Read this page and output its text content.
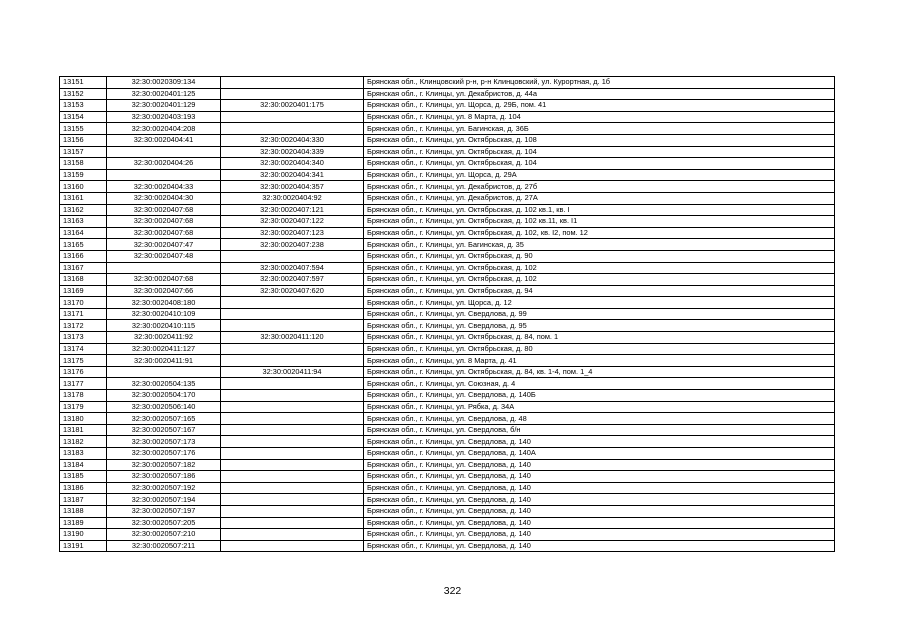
13151	32:30:0020309:134		Брянская обл., Клинцовский р-н, р-н Клинцовский, ул. Курортная, д. 1б
13152	32:30:0020401:125		Брянская обл., г. Клинцы, ул. Декабристов, д. 44а
13153	32:30:0020401:129	32:30:0020401:175	Брянская обл., г. Клинцы, ул. Щорса, д. 29Б, пом. 41
13154	32:30:0020403:193		Брянская обл., г. Клинцы, ул. 8 Марта, д. 104
13155	32:30:0020404:208		Брянская обл., г. Клинцы, ул. Багинская, д. 36Б
13156	32:30:0020404:41	32:30:0020404:330	Брянская обл., г. Клинцы, ул. Октябрьская, д. 108
13157		32:30:0020404:339	Брянская обл., г. Клинцы, ул. Октябрьская, д. 104
13158	32:30:0020404:26	32:30:0020404:340	Брянская обл., г. Клинцы, ул. Октябрьская, д. 104
13159		32:30:0020404:341	Брянская обл., г. Клинцы, ул. Щорса, д. 29А
13160	32:30:0020404:33	32:30:0020404:357	Брянская обл., г. Клинцы, ул. Декабристов, д. 27б
13161	32:30:0020404:30	32:30:0020404:92	Брянская обл., г. Клинцы, ул. Декабристов, д. 27А
13162	32:30:0020407:68	32:30:0020407:121	Брянская обл., г. Клинцы, ул. Октябрьская, д. 102 кв.1, кв. I
13163	32:30:0020407:68	32:30:0020407:122	Брянская обл., г. Клинцы, ул. Октябрьская, д. 102 кв.11, кв. I1
13164	32:30:0020407:68	32:30:0020407:123	Брянская обл., г. Клинцы, ул. Октябрьская, д. 102, кв. I2, пом. 12
13165	32:30:0020407:47	32:30:0020407:238	Брянская обл., г. Клинцы, ул. Багинская, д. 35
13166	32:30:0020407:48		Брянская обл., г. Клинцы, ул. Октябрьская, д. 90
13167		32:30:0020407:594	Брянская обл., г. Клинцы, ул. Октябрьская, д. 102
13168	32:30:0020407:68	32:30:0020407:597	Брянская обл., г. Клинцы, ул. Октябрьская, д. 102
13169	32:30:0020407:66	32:30:0020407:620	Брянская обл., г. Клинцы, ул. Октябрьская, д. 94
13170	32:30:0020408:180		Брянская обл., г. Клинцы, ул. Щорса, д. 12
13171	32:30:0020410:109		Брянская обл., г. Клинцы, ул. Свердлова, д. 99
13172	32:30:0020410:115		Брянская обл., г. Клинцы, ул. Свердлова, д. 95
13173	32:30:0020411:92	32:30:0020411:120	Брянская обл., г. Клинцы, ул. Октябрьская, д. 84, пом. 1
13174	32:30:0020411:127		Брянская обл., г. Клинцы, ул. Октябрьская, д. 80
13175	32:30:0020411:91		Брянская обл., г. Клинцы, ул. 8 Марта, д. 41
13176		32:30:0020411:94	Брянская обл., г. Клинцы, ул. Октябрьская, д. 84, кв. 1-4, пом. 1_4
13177	32:30:0020504:135		Брянская обл., г. Клинцы, ул. Союзная, д. 4
13178	32:30:0020504:170		Брянская обл., г. Клинцы, ул. Свердлова, д. 140Б
13179	32:30:0020506:140		Брянская обл., г. Клинцы, ул. Рябка, д. 34А
13180	32:30:0020507:165		Брянская обл., г. Клинцы, ул. Свердлова, д. 48
13181	32:30:0020507:167		Брянская обл., г. Клинцы, ул. Свердлова, б/н
13182	32:30:0020507:173		Брянская обл., г. Клинцы, ул. Свердлова, д. 140
13183	32:30:0020507:176		Брянская обл., г. Клинцы, ул. Свердлова, д. 140А
13184	32:30:0020507:182		Брянская обл., г. Клинцы, ул. Свердлова, д. 140
13185	32:30:0020507:186		Брянская обл., г. Клинцы, ул. Свердлова, д. 140
13186	32:30:0020507:192		Брянская обл., г. Клинцы, ул. Свердлова, д. 140
13187	32:30:0020507:194		Брянская обл., г. Клинцы, ул. Свердлова, д. 140
13188	32:30:0020507:197		Брянская обл., г. Клинцы, ул. Свердлова, д. 140
13189	32:30:0020507:205		Брянская обл., г. Клинцы, ул. Свердлова, д. 140
13190	32:30:0020507:210		Брянская обл., г. Клинцы, ул. Свердлова, д. 140
13191	32:30:0020507:211		Брянская обл., г. Клинцы, ул. Свердлова, д. 140
322
